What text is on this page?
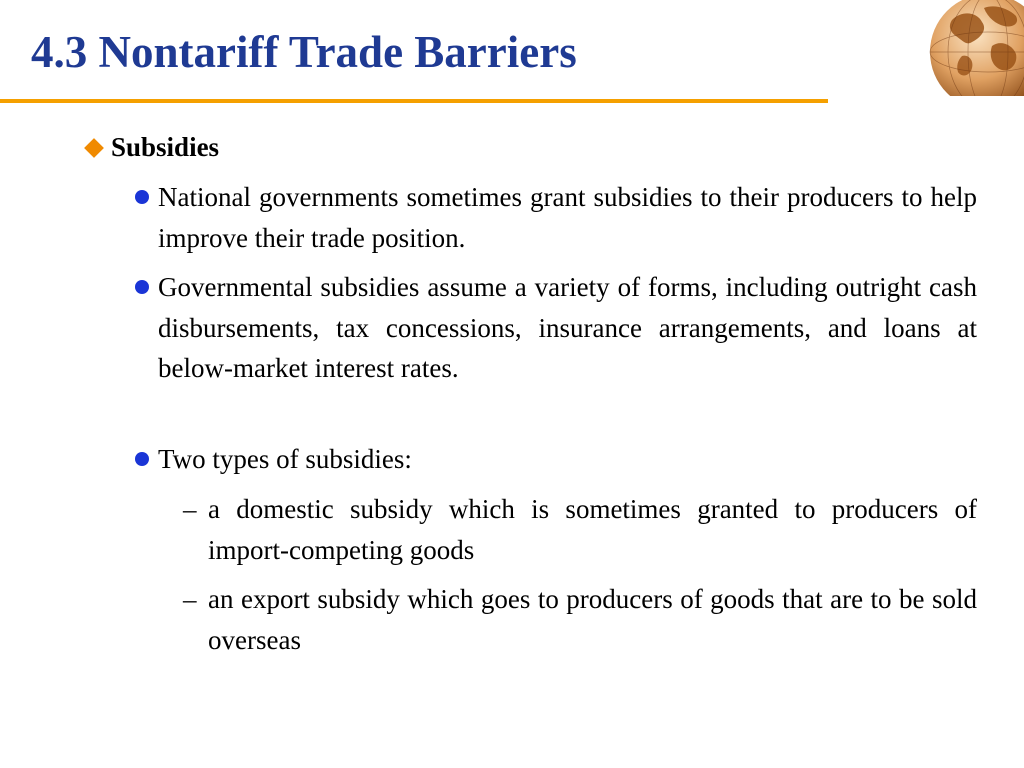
4.3 Nontariff Trade Barriers
Subsidies
National governments sometimes grant subsidies to their producers to help improve their trade position.
Governmental subsidies assume a variety of forms, including outright cash disbursements, tax concessions, insurance arrangements, and loans at below-market interest rates.
Two types of subsidies:
– a domestic subsidy which is sometimes granted to producers of import-competing goods
– an export subsidy which goes to producers of goods that are to be sold overseas
